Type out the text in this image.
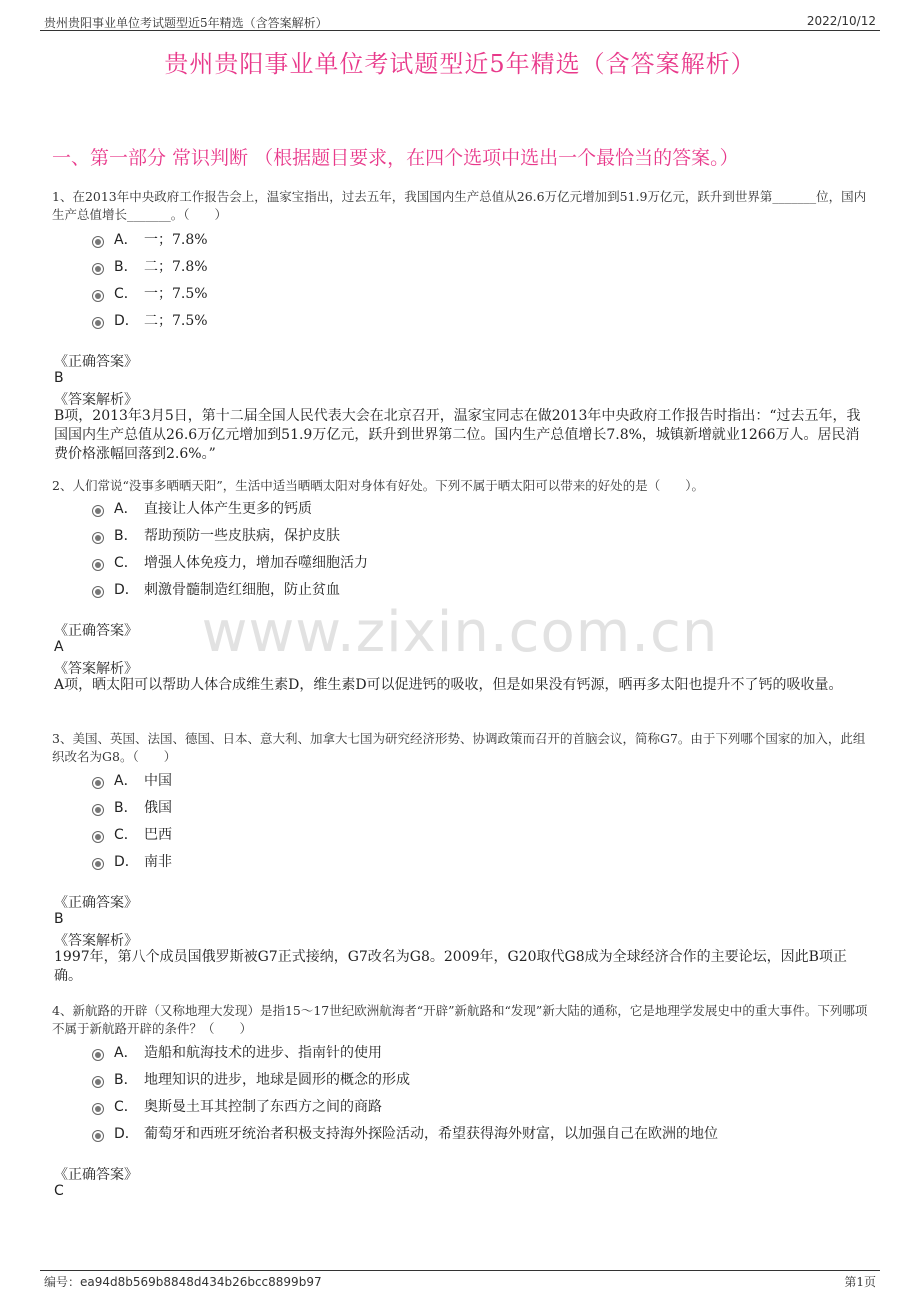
贵州贵阳事业单位考试题型近5年精选（含答案解析）	2022/10/12
贵州贵阳事业单位考试题型近5年精选（含答案解析）
一、第一部分 常识判断 （根据题目要求，在四个选项中选出一个最恰当的答案。）
www.zixin.com.cn
1、在2013年中央政府工作报告会上，温家宝指出，过去五年，我国国内生产总值从26.6万亿元增加到51.9万亿元，跃升到世界第_______位，国内生产总值增长_______。（　　）
A． 一；7.8%
B． 二；7.8%
C． 一；7.5%
D． 二；7.5%
《正确答案》
B
《答案解析》
B项，2013年3月5日，第十二届全国人民代表大会在北京召开，温家宝同志在做2013年中央政府工作报告时指出：“过去五年，我国国内生产总值从26.6万亿元增加到51.9万亿元，跃升到世界第二位。国内生产总值增长7.8%，城镇新增就业1266万人。居民消费价格涨幅回落到2.6%。”
2、人们常说“没事多晒晒天阳”，生活中适当晒晒太阳对身体有好处。下列不属于晒太阳可以带来的好处的是（　　）。
A． 直接让人体产生更多的钙质
B． 帮助预防一些皮肤病，保护皮肤
C． 增强人体免疫力，增加吞噬细胞活力
D． 刺激骨髓制造红细胞，防止贫血
《正确答案》
A
《答案解析》
A项，晒太阳可以帮助人体合成维生素D，维生素D可以促进钙的吸收，但是如果没有钙源，晒再多太阳也提升不了钙的吸收量。
3、美国、英国、法国、德国、日本、意大利、加拿大七国为研究经济形势、协调政策而召开的首脑会议，简称G7。由于下列哪个国家的加入，此组织改名为G8。（　　）
A． 中国
B． 俄国
C． 巴西
D． 南非
《正确答案》
B
《答案解析》
1997年，第八个成员国俄罗斯被G7正式接纳，G7改名为G8。2009年，G20取代G8成为全球经济合作的主要论坛，因此B项正确。
4、新航路的开辟（又称地理大发现）是指15～17世纪欧洲航海者“开辟”新航路和“发现”新大陆的通称，它是地理学发展史中的重大事件。下列哪项不属于新航路开辟的条件？（　　）
A． 造船和航海技术的进步、指南针的使用
B． 地理知识的进步，地球是圆形的概念的形成
C． 奥斯曼土耳其控制了东西方之间的商路
D． 葡萄牙和西班牙统治者积极支持海外探险活动，希望获得海外财富，以加强自己在欧洲的地位
《正确答案》
C
编号：ea94d8b569b8848d434b26bcc8899b97	第1页
